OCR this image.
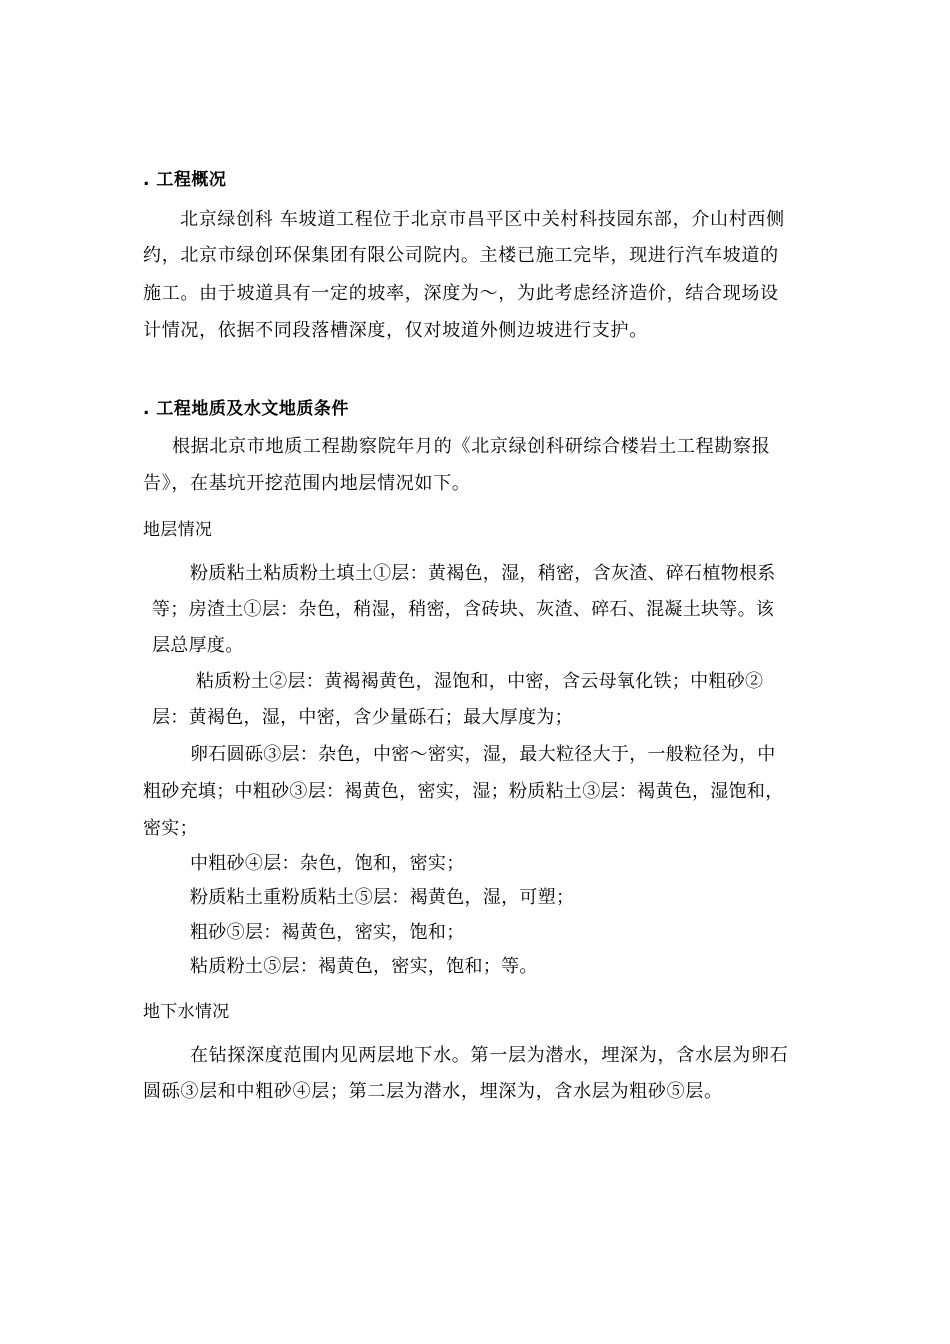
. 工程概况

北京绿创科 车坡道工程位于北京市昌平区中关村科技园东部，介山村西侧

约，北京市绿创环保集团有限公司院内。主楼已施工完毕，现进行汽车坡道的

施工。由于坡道具有一定的坡率，深度为～，为此考虑经济造价，结合现场设

计情况，依据不同段落槽深度，仅对坡道外侧边坡进行支护。

. 工程地质及水文地质条件

根据北京市地质工程勘察院年月的《北京绿创科研综合楼岩土工程勘察报

告》，在基坑开挖范围内地层情况如下。

地层情况

粉质粘土粘质粉土填土①层：黄褐色，湿，稍密，含灰渣、碎石植物根系

等；房渣土①层：杂色，稍湿，稍密，含砖块、灰渣、碎石、混凝土块等。该

层总厚度。

粘质粉土②层：黄褐褐黄色，湿饱和，中密，含云母氧化铁；中粗砂②

层：黄褐色，湿，中密，含少量砾石；最大厚度为；

卵石圆砾③层：杂色，中密～密实，湿，最大粒径大于，一般粒径为，中

粗砂充填；中粗砂③层：褐黄色，密实，湿；粉质粘土③层：褐黄色，湿饱和，

密实；

中粗砂④层：杂色，饱和，密实；

粉质粘土重粉质粘土⑤层：褐黄色，湿，可塑；

粗砂⑤层：褐黄色，密实，饱和；

粘质粉土⑤层：褐黄色，密实，饱和；等。

地下水情况

在钻探深度范围内见两层地下水。第一层为潜水，埋深为，含水层为卵石

圆砾③层和中粗砂④层；第二层为潜水，埋深为，含水层为粗砂⑤层。
